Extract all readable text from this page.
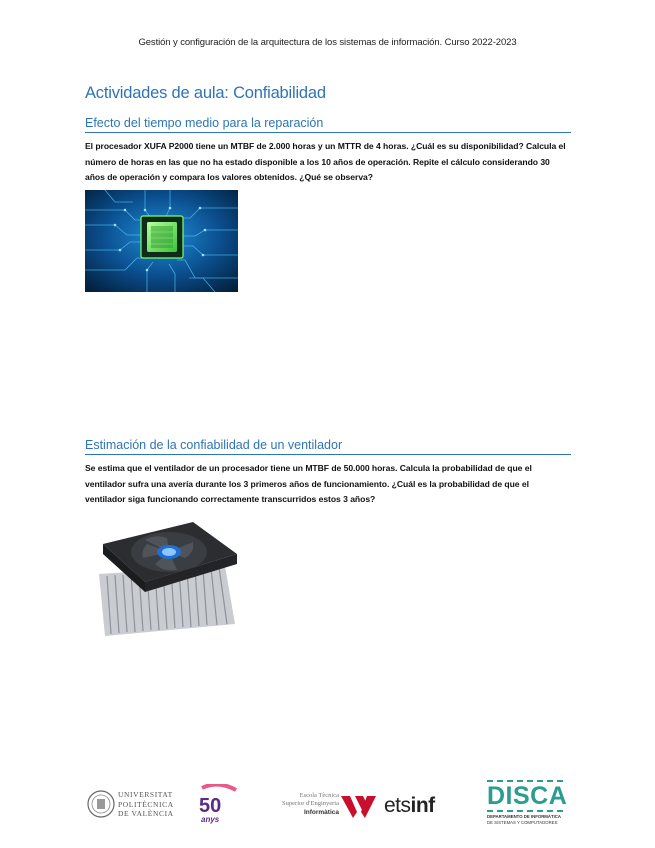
Gestión y configuración de la arquitectura de los sistemas de información. Curso 2022-2023
Actividades de aula: Confiabilidad
Efecto del tiempo medio para la reparación
El procesador XUFA P2000 tiene un MTBF de 2.000 horas y un MTTR de 4 horas. ¿Cuál es su disponibilidad? Calcula el número de horas en las que no ha estado disponible a los 10 años de operación. Repite el cálculo considerando 30 años de operación y compara los valores obtenidos. ¿Qué se observa?
Estimación de la confiabilidad de un ventilador
Se estima que el ventilador de un procesador tiene un MTBF de 50.000 horas. Calcula la probabilidad de que el ventilador sufra una avería durante los 3 primeros años de funcionamiento. ¿Cuál es la probabilidad de que el ventilador siga funcionando correctamente transcurridos estos 3 años?
UNIVERSITAT
POLITÈCNICA
DE VALÈNCIA 50
anys
Escola Tècnica
Superior d'Enginyeria
Informàtica etsinf DISCA
DEPARTAMENTO DE INFORMÁTICA
DE SISTEMAS Y COMPUTADORES
